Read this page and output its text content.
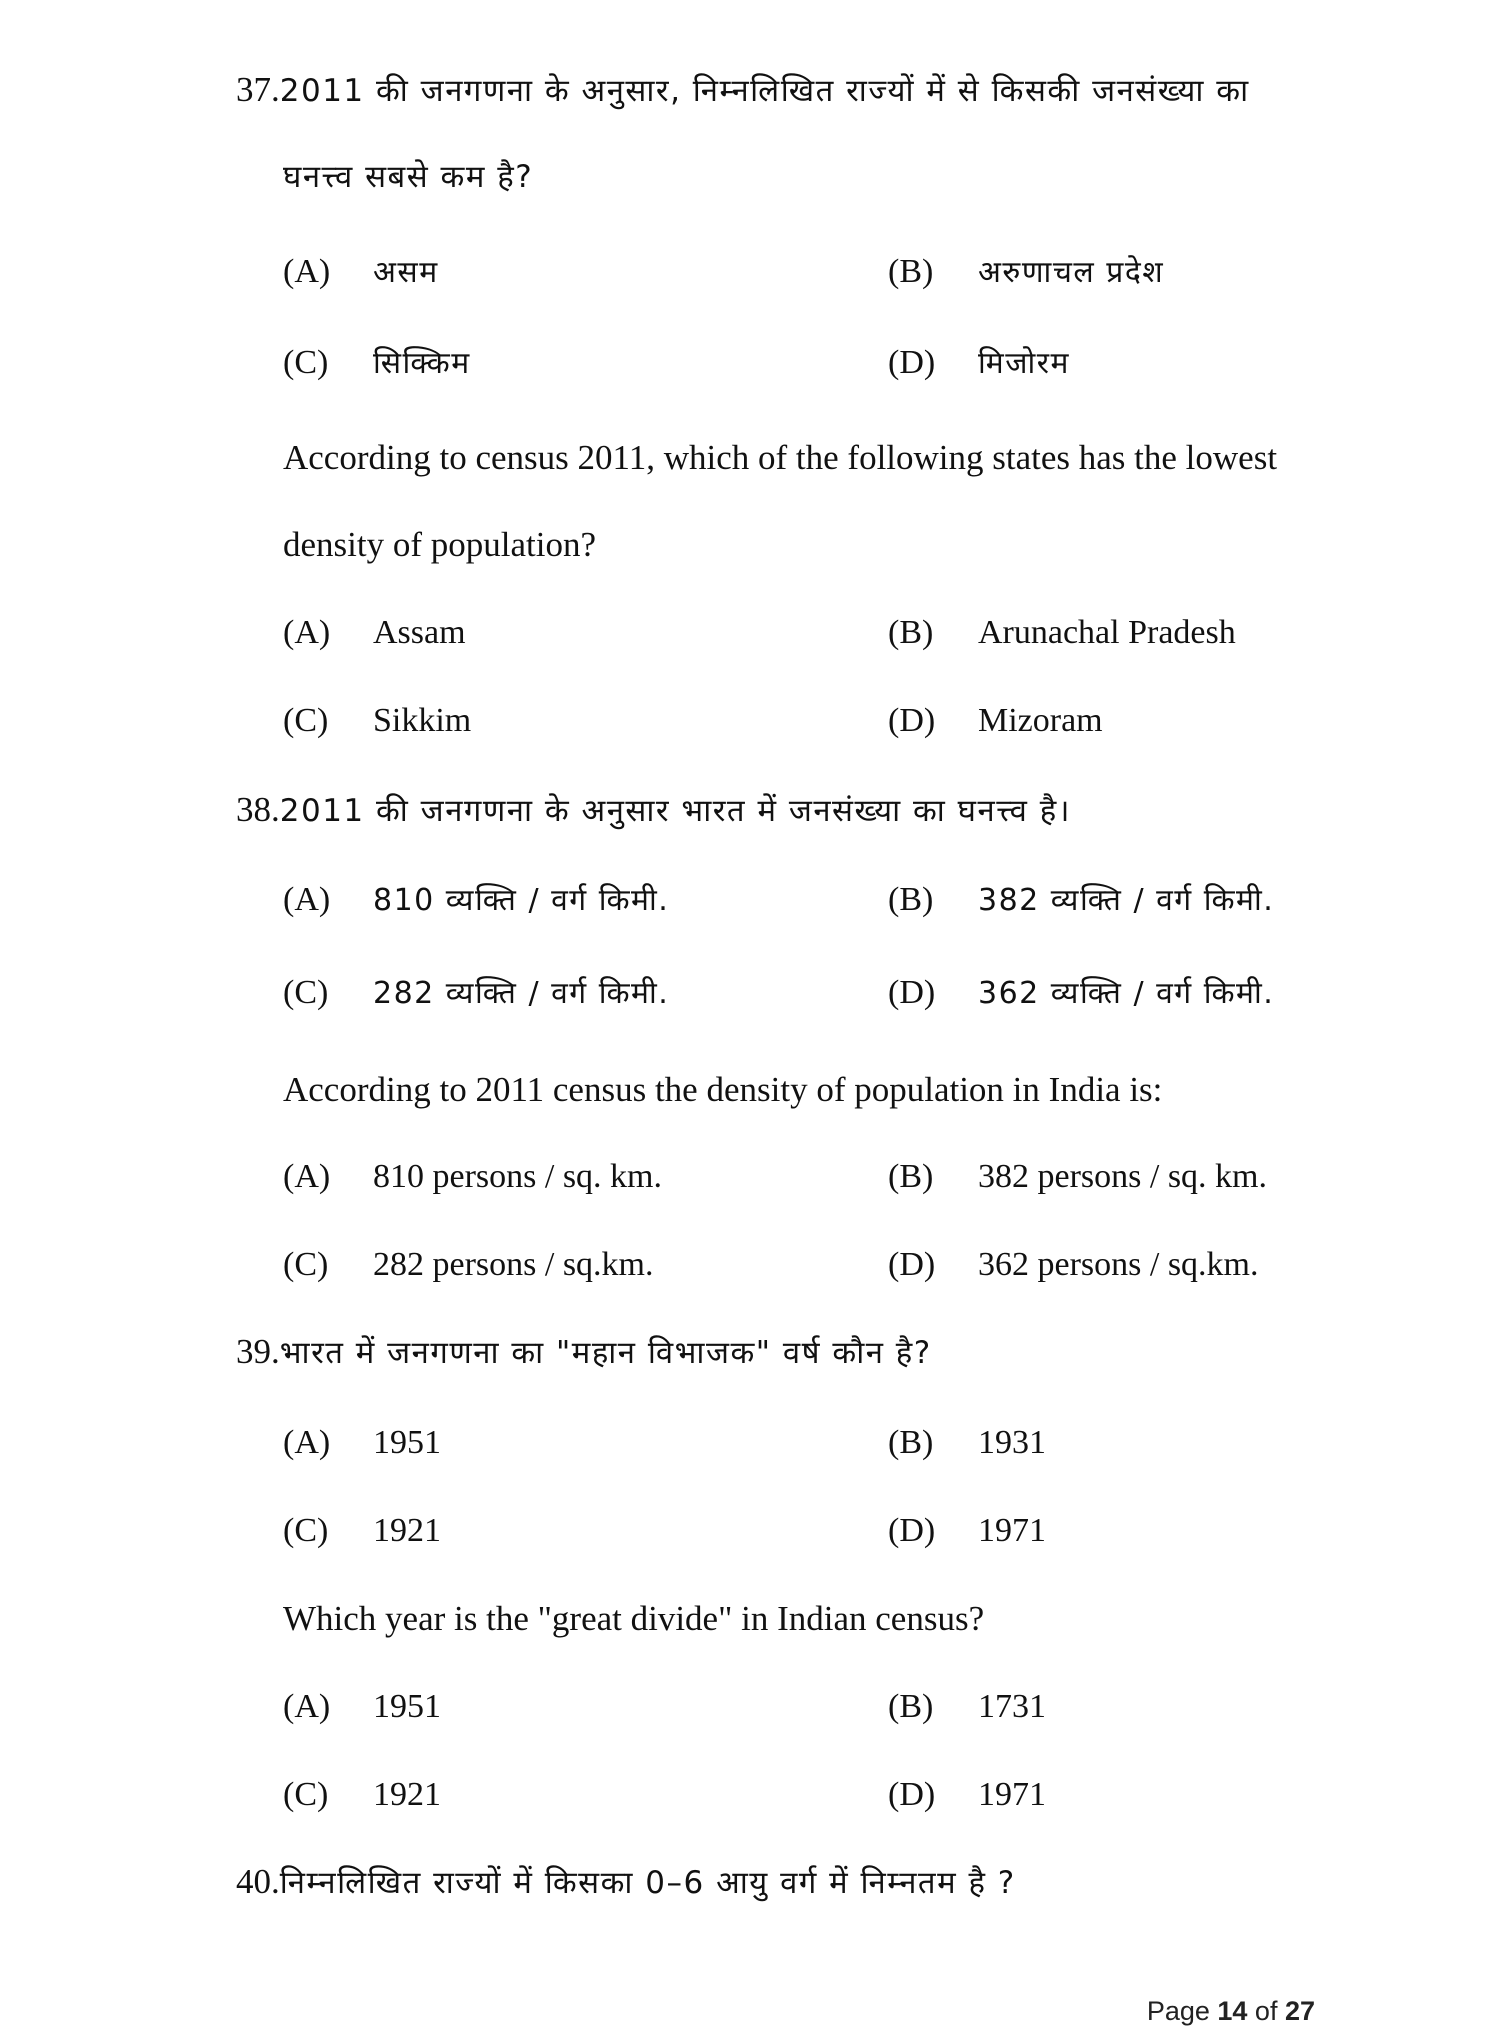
37.2011 की जनगणना के अनुसार, निम्नलिखित राज्यों में से किसकी जनसंख्या का
घनत्त्व सबसे कम है?
(A) असम	(B) अरुणाचल प्रदेश
(C) सिक्किम	(D) मिजोरम
According to census 2011, which of the following states has the lowest
density of population?
(A) Assam	(B) Arunachal Pradesh
(C) Sikkim	(D) Mizoram
38.2011 की जनगणना के अनुसार भारत में जनसंख्या का घनत्त्व है।
(A) 810 व्यक्ति / वर्ग किमी.	(B) 382 व्यक्ति / वर्ग किमी.
(C) 282 व्यक्ति / वर्ग किमी.	(D) 362 व्यक्ति / वर्ग किमी.
According to 2011 census the density of population in India is:
(A) 810 persons / sq. km.	(B) 382 persons / sq. km.
(C) 282 persons / sq.km.	(D) 362 persons / sq.km.
39.भारत में जनगणना का "महान विभाजक" वर्ष कौन है?
(A) 1951	(B) 1931
(C) 1921	(D) 1971
Which year is the "great divide" in Indian census?
(A) 1951	(B) 1731
(C) 1921	(D) 1971
40.निम्नलिखित राज्यों में किसका 0–6 आयु वर्ग में निम्नतम है ?
Page 14 of 27
